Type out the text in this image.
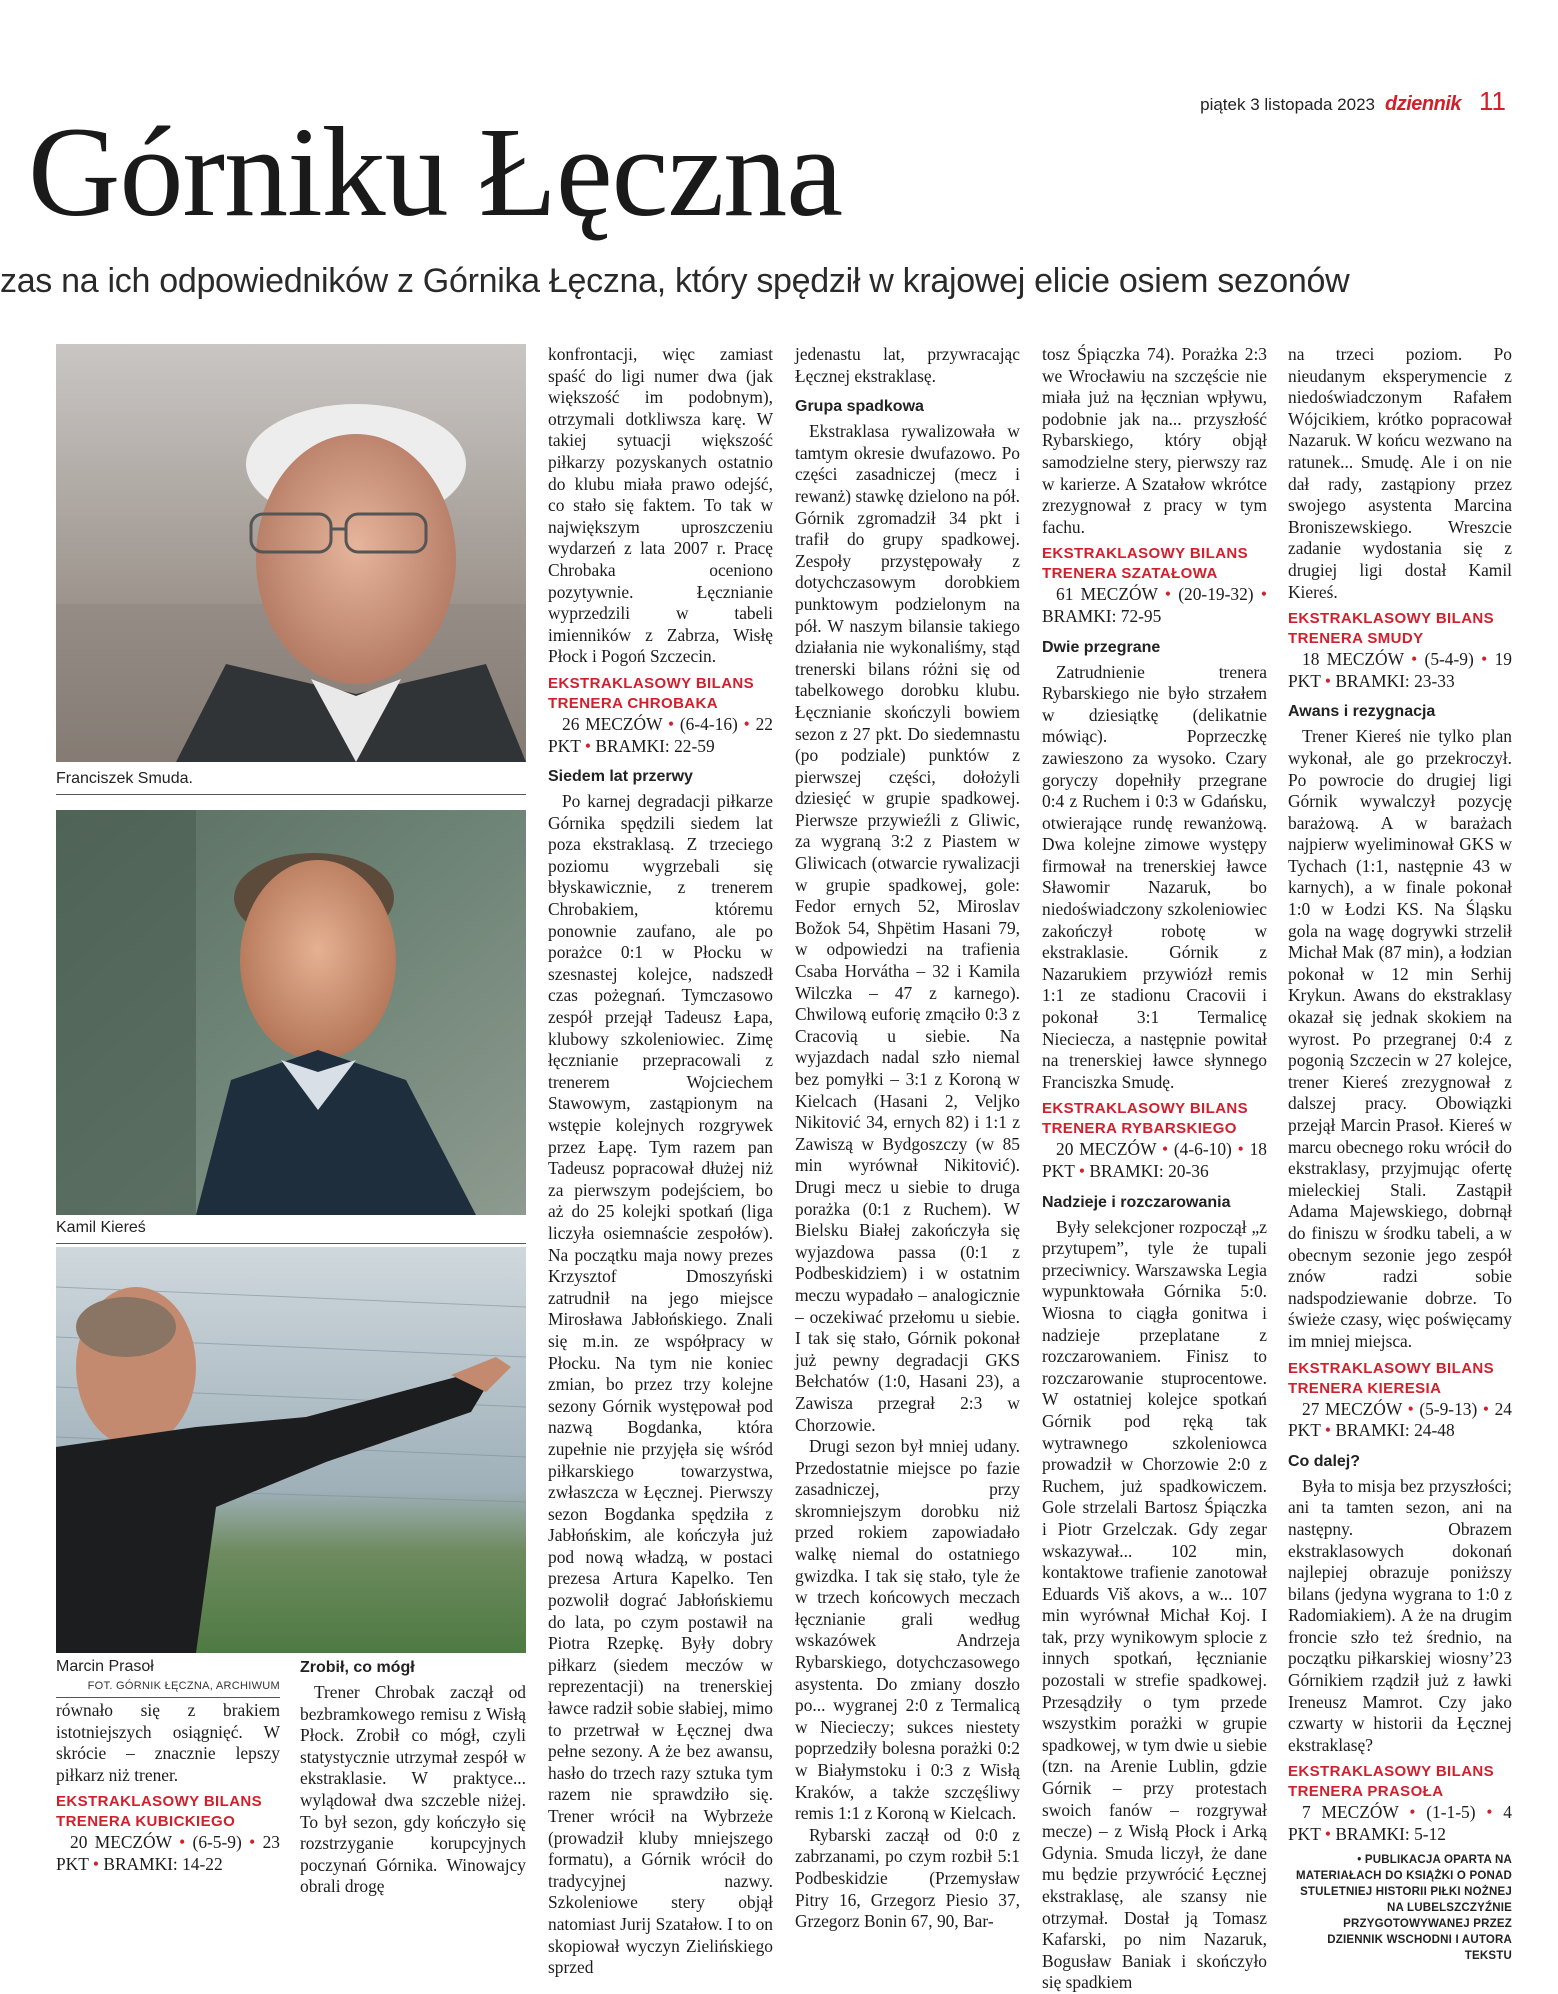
piątek 3 listopada 2023 dziennik 11
Górniku Łęczna
zas na ich odpowiedników z Górnika Łęczna, który spędził w krajowej elicie osiem sezonów
Franciszek Smuda.
Kamil Kiereś
Marcin Prasoł
FOT. GÓRNIK ŁĘCZNA, ARCHIWUM

równało się z brakiem istotniejszych osiągnięć. W skrócie – znacznie lepszy piłkarz niż trener.

EKSTRAKLASOWY BILANS
TRENERA KUBICKIEGO
20 MECZÓW • (6-5-9) • 23 PKT • BRAMKI: 14-22

konfrontacji, więc zamiast spaść do ligi numer dwa (jak większość im podobnym), otrzymali dotkliwsza karę. W takiej sytuacji większość piłkarzy pozyskanych ostatnio do klubu miała prawo odejść, co stało się faktem. To tak w największym uproszczeniu wydarzeń z lata 2007 r. Pracę Chrobaka oceniono pozytywnie. Łęcznianie wyprzedzili w tabeli imienników z Zabrza, Wisłę Płock i Pogoń Szczecin.

EKSTRAKLASOWY BILANS
TRENERA CHROBAKA
26 MECZÓW • (6-4-16) • 22 PKT • BRAMKI: 22-59
Siedem lat przerwy

Po karnej degradacji piłkarze Górnika spędzili siedem lat poza ekstraklasą. Z trzeciego poziomu wygrzebali się błyskawicznie, z trenerem Chrobakiem, któremu ponownie zaufano, ale po porażce 0:1 w Płocku w szesnastej kolejce, nadszedł czas pożegnań. Tymczasowo zespół przejął Tadeusz Łapa, klubowy szkoleniowiec. Zimę łęcznianie przepracowali z trenerem Wojciechem Stawowym, zastąpionym na wstępie kolejnych rozgrywek przez Łapę. Tym razem pan Tadeusz popracował dłużej niż za pierwszym podejściem, bo aż do 25 kolejki spotkań (liga liczyła osiemnaście zespołów). Na początku maja nowy prezes Krzysztof Dmoszyński zatrudnił na jego miejsce Mirosława Jabłońskiego. Znali się m.in. ze współpracy w Płocku. Na tym nie koniec zmian, bo przez trzy kolejne sezony Górnik występował pod nazwą Bogdanka, która zupełnie nie przyjęła się wśród piłkarskiego towarzystwa, zwłaszcza w Łęcznej. Pierwszy sezon Bogdanka spędziła z Jabłońskim, ale kończyła już pod nową władzą, w postaci prezesa Artura Kapelko. Ten pozwolił dograć Jabłońskiemu do lata, po czym postawił na Piotra Rzepkę. Były dobry piłkarz (siedem meczów w reprezentacji) na trenerskiej ławce radził sobie słabiej, mimo to przetrwał w Łęcznej dwa pełne sezony. A że bez awansu, hasło do trzech razy sztuka tym razem nie sprawdziło się. Trener wrócił na Wybrzeże (prowadził kluby mniejszego formatu), a Górnik wrócił do tradycyjnej nazwy. Szkoleniowe stery objął natomiast Jurij Szatałow. I to on skopiował wyczyn Zielińskiego sprzed

Zrobił, co mógł

Trener Chrobak zaczął od bezbramkowego remisu z Wisłą Płock. Zrobił co mógł, czyli statystycznie utrzymał zespół w ekstraklasie. W praktyce... wylądował dwa szczeble niżej. To był sezon, gdy kończyło się rozstrzyganie korupcyjnych poczynań Górnika. Winowajcy obrali drogę

jedenastu lat, przywracając Łęcznej ekstraklasę.

Grupa spadkowa

Ekstraklasa rywalizowała w tamtym okresie dwufazowo. Po części zasadniczej (mecz i rewanż) stawkę dzielono na pół. Górnik zgromadził 34 pkt i trafił do grupy spadkowej. Zespoły przystępowały z dotychczasowym dorobkiem punktowym podzielonym na pół. W naszym bilansie takiego działania nie wykonaliśmy, stąd trenerski bilans różni się od tabelkowego dorobku klubu. Łęcznianie skończyli bowiem sezon z 27 pkt. Do siedemnastu (po podziale) punktów z pierwszej części, dołożyli dziesięć w grupie spadkowej. Pierwsze przywieźli z Gliwic, za wygraną 3:2 z Piastem w Gliwicach (otwarcie rywalizacji w grupie spadkowej, gole: Fedor ernych 52, Miroslav Božok 54, Shpëtim Hasani 79, w odpowiedzi na trafienia Csaba Horvátha – 32 i Kamila Wilczka – 47 z karnego). Chwilową euforię zmąciło 0:3 z Cracovią u siebie. Na wyjazdach nadal szło niemal bez pomyłki – 3:1 z Koroną w Kielcach (Hasani 2, Veljko Nikitović 34, ernych 82) i 1:1 z Zawiszą w Bydgoszczy (w 85 min wyrównał Nikitović). Drugi mecz u siebie to druga porażka (0:1 z Ruchem). W Bielsku Białej zakończyła się wyjazdowa passa (0:1 z Podbeskidziem) i w ostatnim meczu wypadało – analogicznie – oczekiwać przełomu u siebie. I tak się stało, Górnik pokonał już pewny degradacji GKS Bełchatów (1:0, Hasani 23), a Zawisza przegrał 2:3 w Chorzowie.

Drugi sezon był mniej udany. Przedostatnie miejsce po fazie zasadniczej, przy skromniejszym dorobku niż przed rokiem zapowiadało walkę niemal do ostatniego gwizdka. I tak się stało, tyle że w trzech końcowych meczach łęcznianie grali według wskazówek Andrzeja Rybarskiego, dotychczasowego asystenta. Do zmiany doszło po... wygranej 2:0 z Termalicą w Niecieczy; sukces niestety poprzedziły bolesna porażki 0:2 w Białymstoku i 0:3 z Wisłą Kraków, a także szczęśliwy remis 1:1 z Koroną w Kielcach.

Rybarski zaczął od 0:0 z zabrzanami, po czym rozbił 5:1 Podbeskidzie (Przemysław Pitry 16, Grzegorz Piesio 37, Grzegorz Bonin 67, 90, Bar-

tosz Śpiączka 74). Porażka 2:3 we Wrocławiu na szczęście nie miała już na łęcznian wpływu, podobnie jak na... przyszłość Rybarskiego, który objął samodzielne stery, pierwszy raz w karierze. A Szatałow wkrótce zrezygnował z pracy w tym fachu.

EKSTRAKLASOWY BILANS
TRENERA SZATAŁOWA
61 MECZÓW • (20-19-32) • BRAMKI: 72-95
Dwie przegrane

Zatrudnienie trenera Rybarskiego nie było strzałem w dziesiątkę (delikatnie mówiąc). Poprzeczkę zawieszono za wysoko. Czary goryczy dopełniły przegrane 0:4 z Ruchem i 0:3 w Gdańsku, otwierające rundę rewanżową. Dwa kolejne zimowe występy firmował na trenerskiej ławce Sławomir Nazaruk, bo niedoświadczony szkoleniowiec zakończył robotę w ekstraklasie. Górnik z Nazarukiem przywiózł remis 1:1 ze stadionu Cracovii i pokonał 3:1 Termalicę Nieciecza, a następnie powitał na trenerskiej ławce słynnego Franciszka Smudę.

EKSTRAKLASOWY BILANS
TRENERA RYBARSKIEGO
20 MECZÓW • (4-6-10) • 18 PKT • BRAMKI: 20-36
Nadzieje i rozczarowania

Były selekcjoner rozpoczął „z przytupem”, tyle że tupali przeciwnicy. Warszawska Legia wypunktowała Górnika 5:0. Wiosna to ciągła gonitwa i nadzieje przeplatane z rozczarowaniem. Finisz to rozczarowanie stuprocentowe. W ostatniej kolejce spotkań Górnik pod ręką tak wytrawnego szkoleniowca prowadził w Chorzowie 2:0 z Ruchem, już spadkowiczem. Gole strzelali Bartosz Śpiączka i Piotr Grzelczak. Gdy zegar wskazywał... 102 min, kontaktowe trafienie zanotował Eduards Viš akovs, a w... 107 min wyrównał Michał Koj. I tak, przy wynikowym splocie z innych spotkań, łęcznianie pozostali w strefie spadkowej. Przesądziły o tym przede wszystkim porażki w grupie spadkowej, w tym dwie u siebie (tzn. na Arenie Lublin, gdzie Górnik – przy protestach swoich fanów – rozgrywał mecze) – z Wisłą Płock i Arką Gdynia. Smuda liczył, że dane mu będzie przywrócić Łęcznej ekstraklasę, ale szansy nie otrzymał. Dostał ją Tomasz Kafarski, po nim Nazaruk, Bogusław Baniak i skończyło się spadkiem

na trzeci poziom. Po nieudanym eksperymencie z niedoświadczonym Rafałem Wójcikiem, krótko popracował Nazaruk. W końcu wezwano na ratunek... Smudę. Ale i on nie dał rady, zastąpiony przez swojego asystenta Marcina Broniszewskiego. Wreszcie zadanie wydostania się z drugiej ligi dostał Kamil Kiereś.

EKSTRAKLASOWY BILANS
TRENERA SMUDY
18 MECZÓW • (5-4-9) • 19 PKT • BRAMKI: 23-33
Awans i rezygnacja

Trener Kiereś nie tylko plan wykonał, ale go przekroczył. Po powrocie do drugiej ligi Górnik wywalczył pozycję barażową. A w barażach najpierw wyeliminował GKS w Tychach (1:1, następnie 43 w karnych), a w finale pokonał 1:0 w Łodzi KS. Na Śląsku gola na wagę dogrywki strzelił Michał Mak (87 min), a łodzian pokonał w 12 min Serhij Krykun. Awans do ekstraklasy okazał się jednak skokiem na wyrost. Po przegranej 0:4 z pogonią Szczecin w 27 kolejce, trener Kiereś zrezygnował z dalszej pracy. Obowiązki przejął Marcin Prasoł. Kiereś w marcu obecnego roku wrócił do ekstraklasy, przyjmując ofertę mieleckiej Stali. Zastąpił Adama Majewskiego, dobrnął do finiszu w środku tabeli, a w obecnym sezonie jego zespół znów radzi sobie nadspodziewanie dobrze. To świeże czasy, więc poświęcamy im mniej miejsca.

EKSTRAKLASOWY BILANS
TRENERA KIERESIA
27 MECZÓW • (5-9-13) • 24 PKT • BRAMKI: 24-48
Co dalej?

Była to misja bez przyszłości; ani ta tamten sezon, ani na następny. Obrazem ekstraklasowych dokonań najlepiej obrazuje poniższy bilans (jedyna wygrana to 1:0 z Radomiakiem). A że na drugim froncie szło też średnio, na początku piłkarskiej wiosny’23 Górnikiem rządził już z ławki Ireneusz Mamrot. Czy jako czwarty w historii da Łęcznej ekstraklasę?

EKSTRAKLASOWY BILANS
TRENERA PRASOŁA
7 MECZÓW • (1-1-5) • 4 PKT • BRAMKI: 5-12
• PUBLIKACJA OPARTA NA MATERIAŁACH DO KSIĄŻKI O PONAD STULETNIEJ HISTORII PIŁKI NOŻNEJ NA LUBELSZCZYŹNIE PRZYGOTOWYWANEJ PRZEZ DZIENNIK WSCHODNI I AUTORA TEKSTU
